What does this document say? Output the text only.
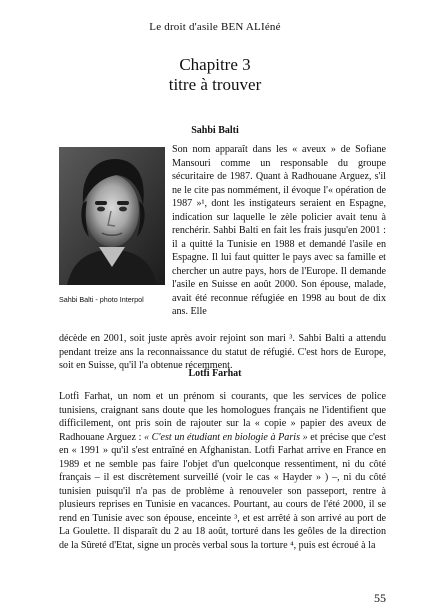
Le droit d'asile BEN ALIéné
Chapitre 3
titre à trouver
Sahbi Balti
Sahbi Balti - photo Interpol

Son nom apparaît dans les « aveux » de Sofiane Mansouri comme un responsable du groupe sécuritaire de 1987. Quant à Radhouane Arguez, s'il ne le cite pas nommément, il évoque l'« opération de 1987 »¹, dont les instigateurs seraient en Espagne, indication sur laquelle le zèle policier avait tenu à renchérir. Sahbi Balti en fait les frais jusqu'en 2001 : il a quitté la Tunisie en 1988 et demandé l'asile en Espagne. Il lui faut quitter le pays avec sa famille et chercher un autre pays, hors de l'Europe. Il demande l'asile en Suisse en août 2000. Son épouse, malade, avait été reconnue réfugiée en 1998 au bout de dix ans. Elle

décède en 2001, soit juste après avoir rejoint son mari ³. Sahbi Balti a attendu pendant treize ans la reconnaissance du statut de réfugié. C'est hors de Europe, soit en Suisse, qu'il l'a obtenue récemment.

Lotfi Farhat

Lotfi Farhat, un nom et un prénom si courants, que les services de police tunisiens, craignant sans doute que les homologues français ne l'identifient que difficilement, ont pris soin de rajouter sur la « copie » papier des aveux de Radhouane Arguez : « C'est un étudiant en biologie à Paris » et précise que c'est en « 1991 » qu'il s'est entraîné en Afghanistan. Lotfi Farhat arrive en France en 1989 et ne semble pas faire l'objet d'un quelconque ressentiment, ni du côté français – il est discrètement surveillé (voir le cas « Hayder » ) –, ni du côté tunisien puisqu'il n'a pas de problème à renouveler son passeport, rentre à plusieurs reprises en Tunisie en vacances. Pourtant, au cours de l'été 2000, il se rend en Tunisie avec son épouse, enceinte ³, et est arrêté à son arrivé au port de La Goulette. Il disparaît du 2 au 18 août, torturé dans les geôles de la direction de la Sûreté d'Etat, signe un procès verbal sous la torture ⁴, puis est écroué à la

55
